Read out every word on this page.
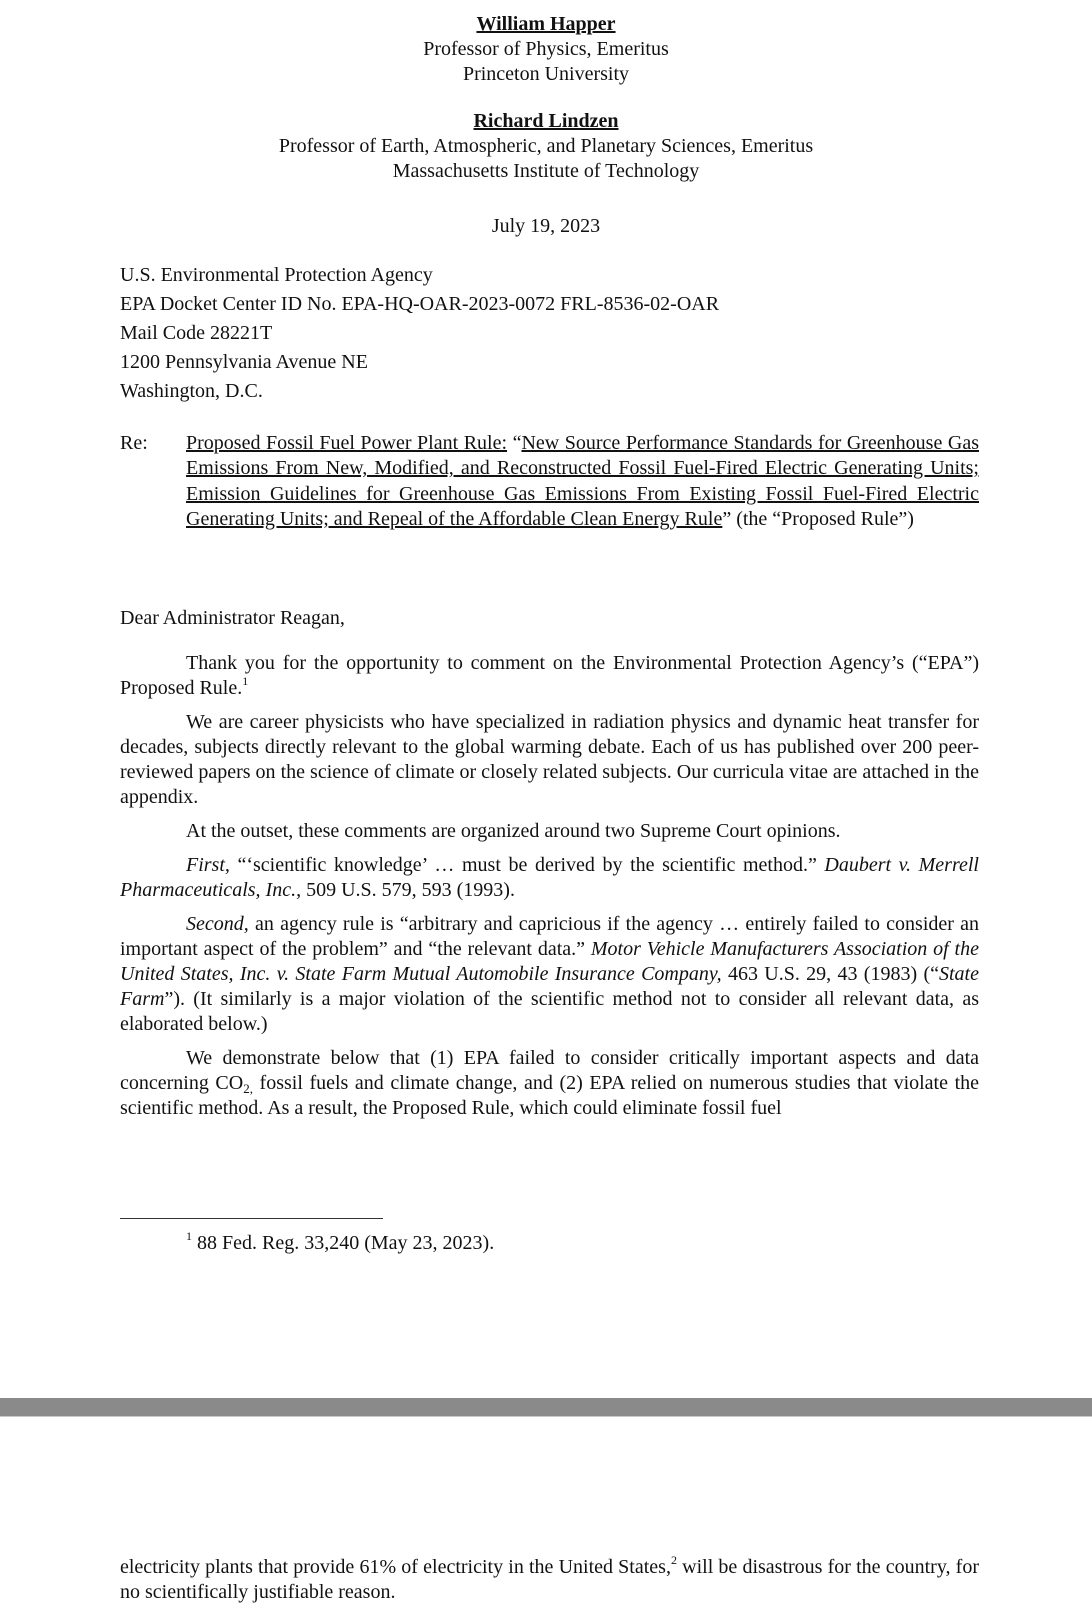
William Happer
Professor of Physics, Emeritus
Princeton University
Richard Lindzen
Professor of Earth, Atmospheric, and Planetary Sciences, Emeritus
Massachusetts Institute of Technology
July 19, 2023
U.S. Environmental Protection Agency
EPA Docket Center ID No. EPA-HQ-OAR-2023-0072 FRL-8536-02-OAR
Mail Code 28221T
1200 Pennsylvania Avenue NE
Washington, D.C.
Re: Proposed Fossil Fuel Power Plant Rule: “New Source Performance Standards for Greenhouse Gas Emissions From New, Modified, and Reconstructed Fossil Fuel-Fired Electric Generating Units; Emission Guidelines for Greenhouse Gas Emissions From Existing Fossil Fuel-Fired Electric Generating Units; and Repeal of the Affordable Clean Energy Rule” (the “Proposed Rule”)
Dear Administrator Reagan,

Thank you for the opportunity to comment on the Environmental Protection Agency’s (“EPA”) Proposed Rule.$^1$

We are career physicists who have specialized in radiation physics and dynamic heat transfer for decades, subjects directly relevant to the global warming debate. Each of us has published over 200 peer-reviewed papers on the science of climate or closely related subjects. Our curricula vitae are attached in the appendix.

At the outset, these comments are organized around two Supreme Court opinions.

First, “‘scientific knowledge’ … must be derived by the scientific method.” Daubert v. Merrell Pharmaceuticals, Inc., 509 U.S. 579, 593 (1993).

Second, an agency rule is “arbitrary and capricious if the agency … entirely failed to consider an important aspect of the problem” and “the relevant data.” Motor Vehicle Manufacturers Association of the United States, Inc. v. State Farm Mutual Automobile Insurance Company, 463 U.S. 29, 43 (1983) (“State Farm”). (It similarly is a major violation of the scientific method not to consider all relevant data, as elaborated below.)

We demonstrate below that (1) EPA failed to consider critically important aspects and data concerning $CO_{2,}$ fossil fuels and climate change, and (2) EPA relied on numerous studies that violate the scientific method. As a result, the Proposed Rule, which could eliminate fossil fuel

$^1$ 88 Fed. Reg. 33,240 (May 23, 2023).
electricity plants that provide 61% of electricity in the United States,$^2$ will be disastrous for the country, for no scientifically justifiable reason.
